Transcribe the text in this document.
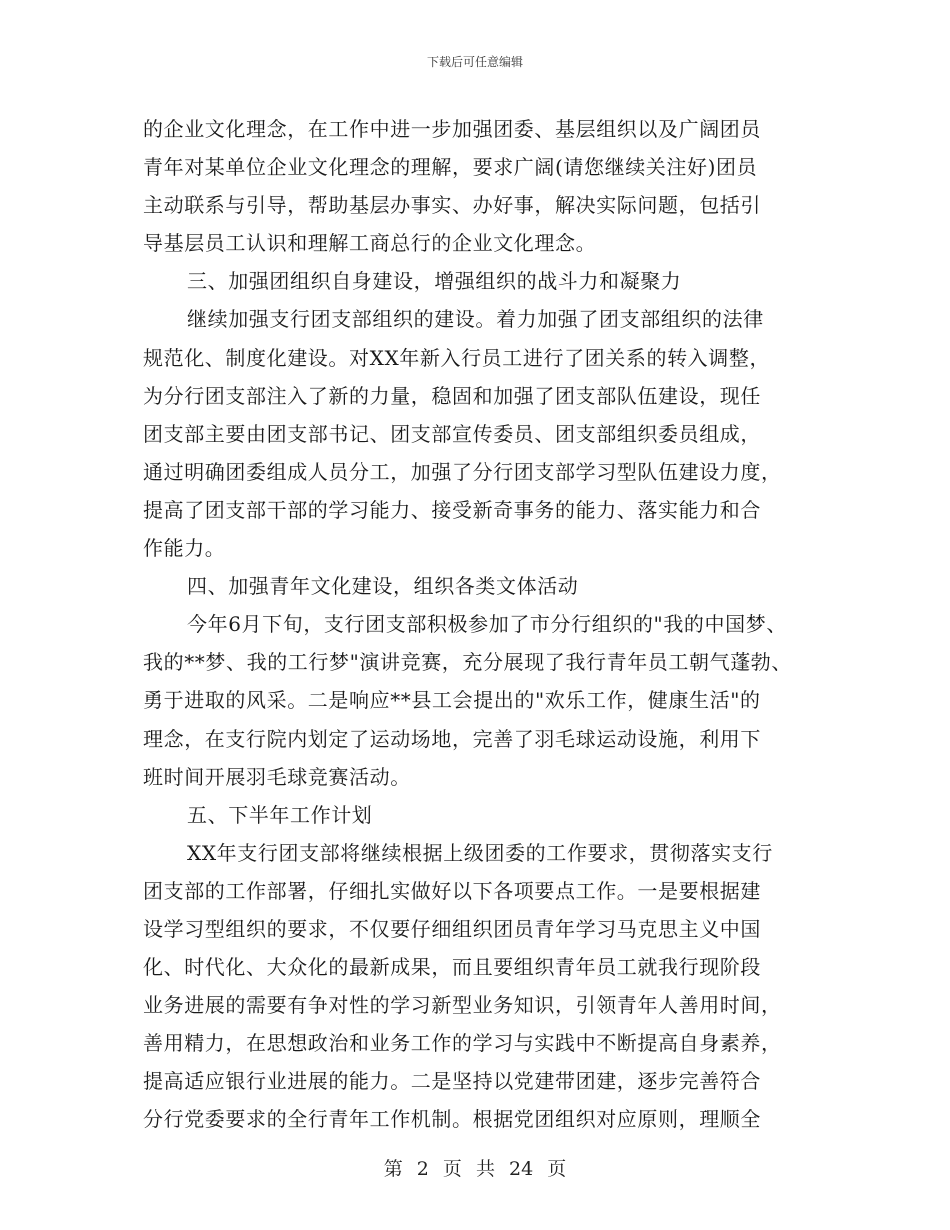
下载后可任意编辑
的企业文化理念，在工作中进一步加强团委、基层组织以及广阔团员
青年对某单位企业文化理念的理解，要求广阔(请您继续关注好)团员
主动联系与引导，帮助基层办事实、办好事，解决实际问题，包括引
导基层员工认识和理解工商总行的企业文化理念。
三、加强团组织自身建设，增强组织的战斗力和凝聚力
继续加强支行团支部组织的建设。着力加强了团支部组织的法律
规范化、制度化建设。对XX年新入行员工进行了团关系的转入调整，
为分行团支部注入了新的力量，稳固和加强了团支部队伍建设，现任
团支部主要由团支部书记、团支部宣传委员、团支部组织委员组成，
通过明确团委组成人员分工，加强了分行团支部学习型队伍建设力度，
提高了团支部干部的学习能力、接受新奇事务的能力、落实能力和合
作能力。
四、加强青年文化建设，组织各类文体活动
今年6月下旬，支行团支部积极参加了市分行组织的"我的中国梦、
我的**梦、我的工行梦"演讲竞赛，充分展现了我行青年员工朝气蓬勃、
勇于进取的风采。二是响应**县工会提出的"欢乐工作，健康生活"的
理念，在支行院内划定了运动场地，完善了羽毛球运动设施，利用下
班时间开展羽毛球竞赛活动。
五、下半年工作计划
XX年支行团支部将继续根据上级团委的工作要求，贯彻落实支行
团支部的工作部署，仔细扎实做好以下各项要点工作。一是要根据建
设学习型组织的要求，不仅要仔细组织团员青年学习马克思主义中国
化、时代化、大众化的最新成果，而且要组织青年员工就我行现阶段
业务进展的需要有争对性的学习新型业务知识，引领青年人善用时间，
善用精力，在思想政治和业务工作的学习与实践中不断提高自身素养，
提高适应银行业进展的能力。二是坚持以党建带团建，逐步完善符合
分行党委要求的全行青年工作机制。根据党团组织对应原则，理顺全
第 2 页 共 24 页
